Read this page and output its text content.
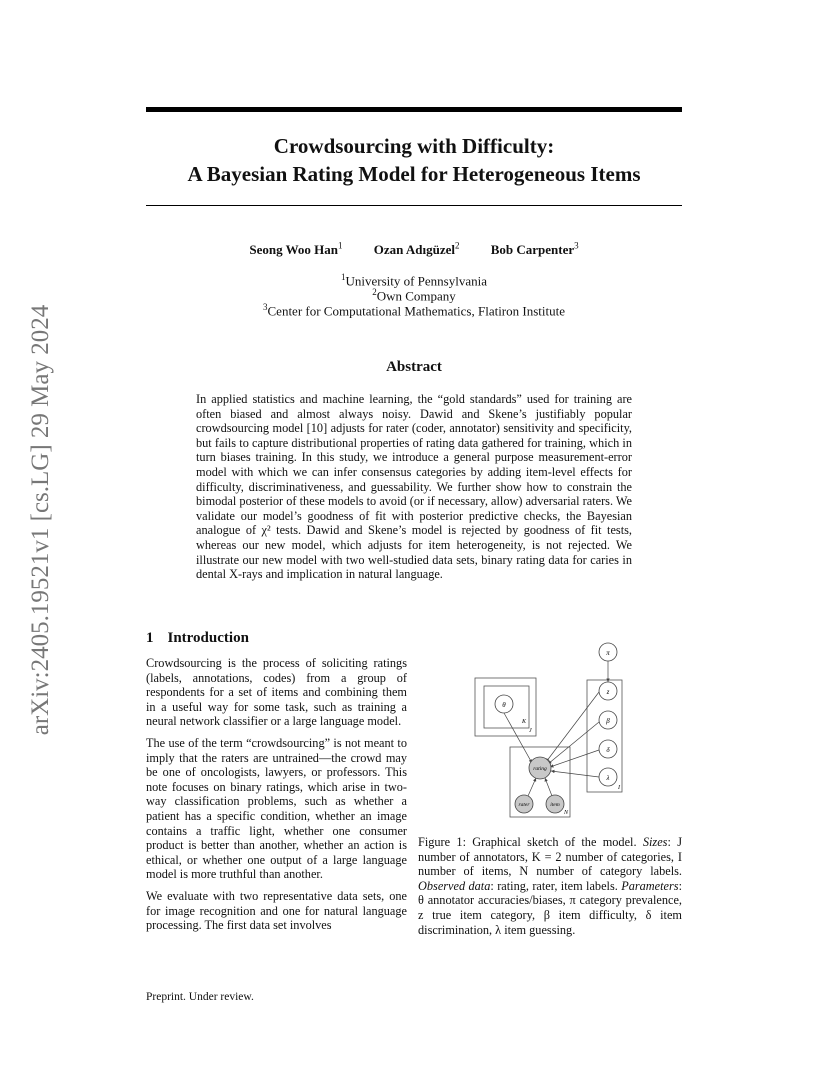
arXiv:2405.19521v1 [cs.LG] 29 May 2024
Crowdsourcing with Difficulty:
A Bayesian Rating Model for Heterogeneous Items
Seong Woo Han$^1$ Ozan Adıgüzel$^2$ Bob Carpenter$^3$
$^1$University of Pennsylvania
$^2$Own Company
$^3$Center for Computational Mathematics, Flatiron Institute
Abstract
In applied statistics and machine learning, the “gold standards” used for training are often biased and almost always noisy. Dawid and Skene’s justifiably popular crowdsourcing model [10] adjusts for rater (coder, annotator) sensitivity and specificity, but fails to capture distributional properties of rating data gathered for training, which in turn biases training. In this study, we introduce a general purpose measurement-error model with which we can infer consensus categories by adding item-level effects for difficulty, discriminativeness, and guessability. We further show how to constrain the bimodal posterior of these models to avoid (or if necessary, allow) adversarial raters. We validate our model’s goodness of fit with posterior predictive checks, the Bayesian analogue of χ² tests. Dawid and Skene’s model is rejected by goodness of fit tests, whereas our new model, which adjusts for item heterogeneity, is not rejected. We illustrate our new model with two well-studied data sets, binary rating data for caries in dental X-rays and implication in natural language.
1 Introduction

Crowdsourcing is the process of soliciting ratings (labels, annotations, codes) from a group of respondents for a set of items and combining them in a useful way for some task, such as training a neural network classifier or a large language model.

The use of the term “crowdsourcing” is not meant to imply that the raters are untrained—the crowd may be one of oncologists, lawyers, or professors. This note focuses on binary ratings, which arise in two-way classification problems, such as whether a patient has a specific condition, whether an image contains a traffic light, whether one consumer product is better than another, whether an action is ethical, or whether one output of a large language model is more truthful than another.

We evaluate with two representative data sets, one for image recognition and one for natural language processing. The first data set involves

K
J
N
I
π
z
β
δ
λ
θ
rating
rater	item
Figure 1: Graphical sketch of the model. Sizes: J number of annotators, K = 2 number of categories, I number of items, N number of category labels. Observed data: rating, rater, item labels. Parameters: θ annotator accuracies/biases, π category prevalence, z true item category, β item difficulty, δ item discrimination, λ item guessing.
Preprint. Under review.
